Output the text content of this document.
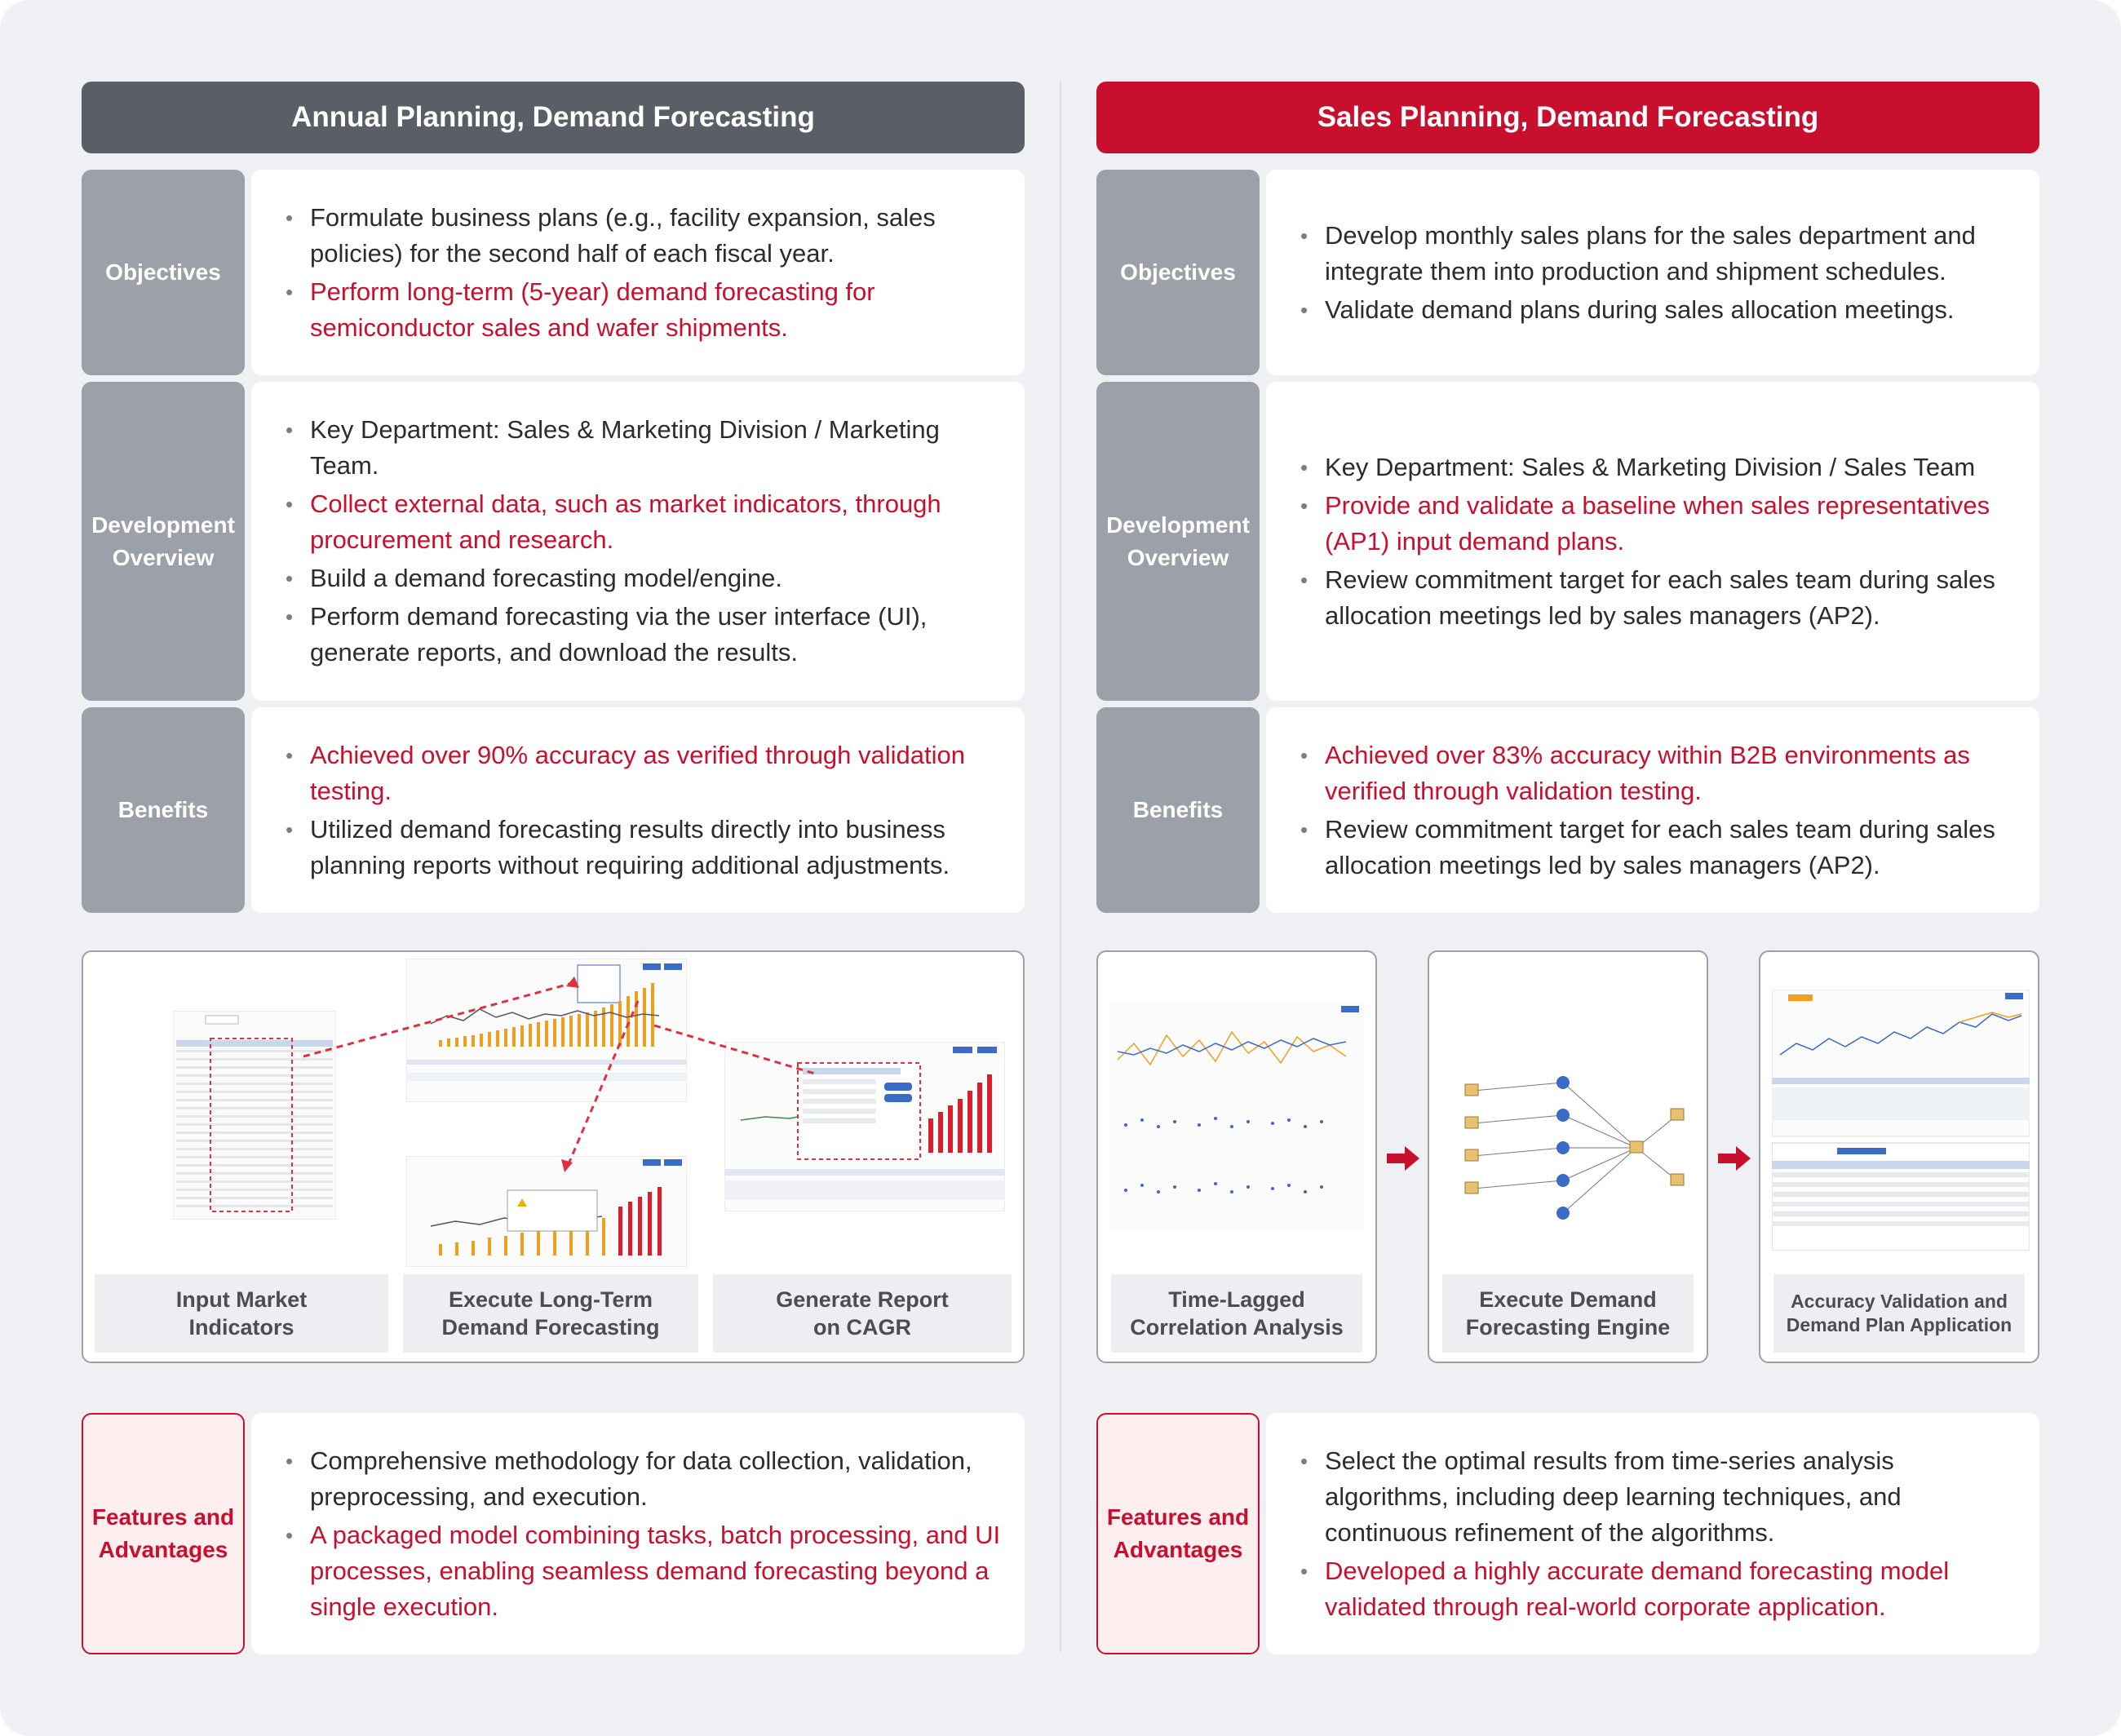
Annual Planning, Demand Forecasting
Objectives
• Formulate business plans (e.g., facility expansion, sales policies) for the second half of each fiscal year.
• Perform long-term (5-year) demand forecasting for semiconductor sales and wafer shipments.
Development
Overview
• Key Department: Sales & Marketing Division / Marketing Team.
• Collect external data, such as market indicators, through procurement and research.
• Build a demand forecasting model/engine.
• Perform demand forecasting via the user interface (UI), generate reports, and download the results.
Benefits
• Achieved over 90% accuracy as verified through validation testing.
• Utilized demand forecasting results directly into business planning reports without requiring additional adjustments.
Input Market
Indicators
Execute Long-Term
Demand Forecasting
Generate Report
on CAGR
Features and
Advantages
• Comprehensive methodology for data collection, validation, preprocessing, and execution.
• A packaged model combining tasks, batch processing, and UI processes, enabling seamless demand forecasting beyond a single execution.
Sales Planning, Demand Forecasting
Objectives
• Develop monthly sales plans for the sales department and integrate them into production and shipment schedules.
• Validate demand plans during sales allocation meetings.
Development
Overview
• Key Department: Sales & Marketing Division / Sales Team
• Provide and validate a baseline when sales representatives (AP1) input demand plans.
• Review commitment target for each sales team during sales allocation meetings led by sales managers (AP2).
Benefits
• Achieved over 83% accuracy within B2B environments as verified through validation testing.
• Review commitment target for each sales team during sales allocation meetings led by sales managers (AP2).
Time-Lagged
Correlation Analysis
Execute Demand
Forecasting Engine
Accuracy Validation and
Demand Plan Application
Features and
Advantages
• Select the optimal results from time-series analysis algorithms, including deep learning techniques, and continuous refinement of the algorithms.
• Developed a highly accurate demand forecasting model validated through real-world corporate application.
